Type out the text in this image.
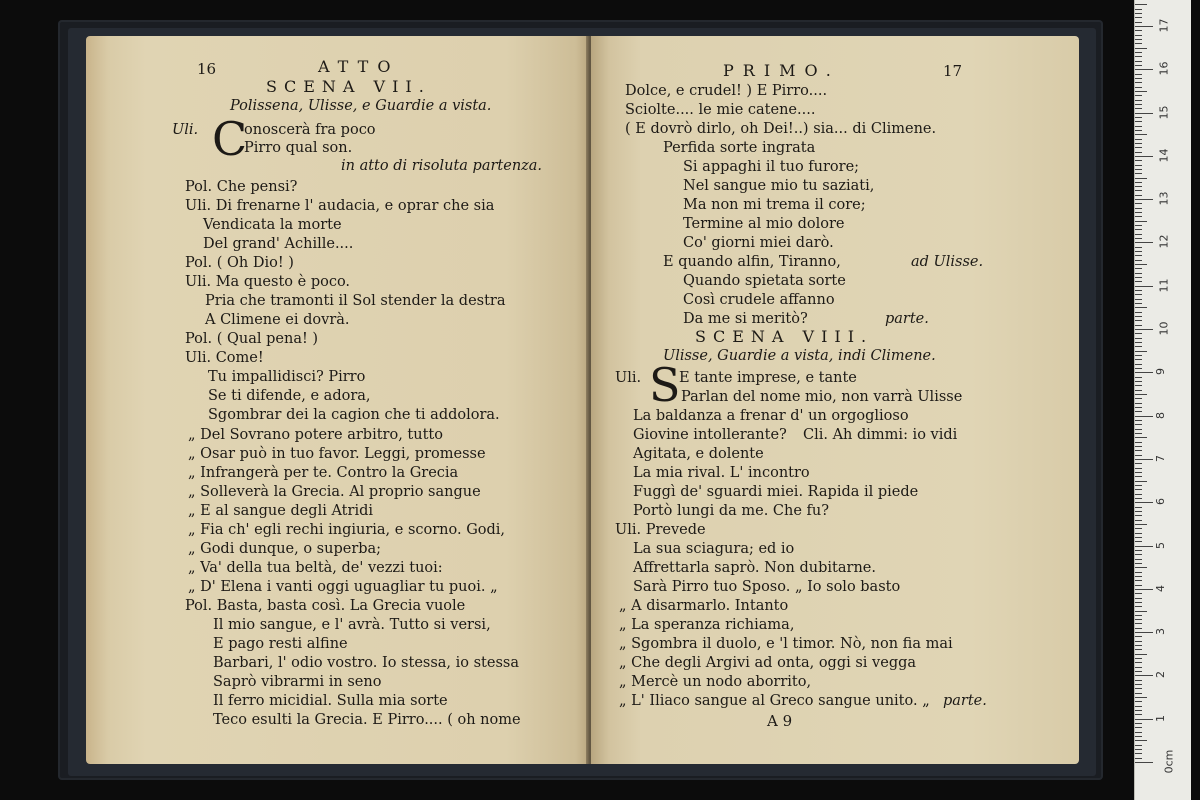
16	ATTO
SCENA VII.
Polissena, Ulisse, e Guardie a vista.
Uli. C
onoscerà fra poco
Pirro qual son.
in atto di risoluta partenza.
Pol. Che pensi?
Uli. Di frenarne l' audacia, e oprar che sia
Vendicata la morte
Del grand' Achille....
Pol. ( Oh Dio! )
Uli. Ma questo è poco.
Pria che tramonti il Sol stender la destra
A Climene ei dovrà.
Pol. ( Qual pena! )
Uli. Come!
Tu impallidisci? Pirro
Se ti difende, e adora,
Sgombrar dei la cagion che ti addolora.
„ Del Sovrano potere arbitro, tutto
„ Osar può in tuo favor. Leggi, promesse
„ Infrangerà per te. Contro la Grecia
„ Solleverà la Grecia. Al proprio sangue
„ E al sangue degli Atridi
„ Fia ch' egli rechi ingiuria, e scorno. Godi,
„ Godi dunque, o superba;
„ Va' della tua beltà, de' vezzi tuoi:
„ D' Elena i vanti oggi uguagliar tu puoi. „
Pol. Basta, basta così. La Grecia vuole
Il mio sangue, e l' avrà. Tutto si versi,
E pago resti alfine
Barbari, l' odio vostro. Io stessa, io stessa
Saprò vibrarmi in seno
Il ferro micidial. Sulla mia sorte
Teco esulti la Grecia. E Pirro.... ( oh nome
PRIMO.	17
Dolce, e crudel! ) E Pirro....
Sciolte.... le mie catene....
( E dovrò dirlo, oh Dei!..) sia... di Climene.
Perfida sorte ingrata
Si appaghi il tuo furore;
Nel sangue mio tu saziati,
Ma non mi trema il core;
Termine al mio dolore
Co' giorni miei darò.
E quando alfin, Tiranno,	ad Ulisse.
Quando spietata sorte
Così crudele affanno
Da me si meritò?	parte.
SCENA VIII.
Ulisse, Guardie a vista, indi Climene.
Uli. S
E tante imprese, e tante
Parlan del nome mio, non varrà Ulisse
La baldanza a frenar d' un orgoglioso
Giovine intollerante? Cli. Ah dimmi: io vidi
Agitata, e dolente
La mia rival. L' incontro
Fuggì de' sguardi miei. Rapida il piede
Portò lungi da me. Che fu?
Uli. Prevede
La sua sciagura; ed io
Affrettarla saprò. Non dubitarne.
Sarà Pirro tuo Sposo. „ Io solo basto
„ A disarmarlo. Intanto
„ La speranza richiama,
„ Sgombra il duolo, e 'l timor. Nò, non fia mai
„ Che degli Argivi ad onta, oggi si vegga
„ Mercè un nodo aborrito,
„ L' Iliaco sangue al Greco sangue unito. „ parte.
A 9
0cm
1
2
3
4
5
6
7
8
9
10
11
12
13
14
15
16
17
